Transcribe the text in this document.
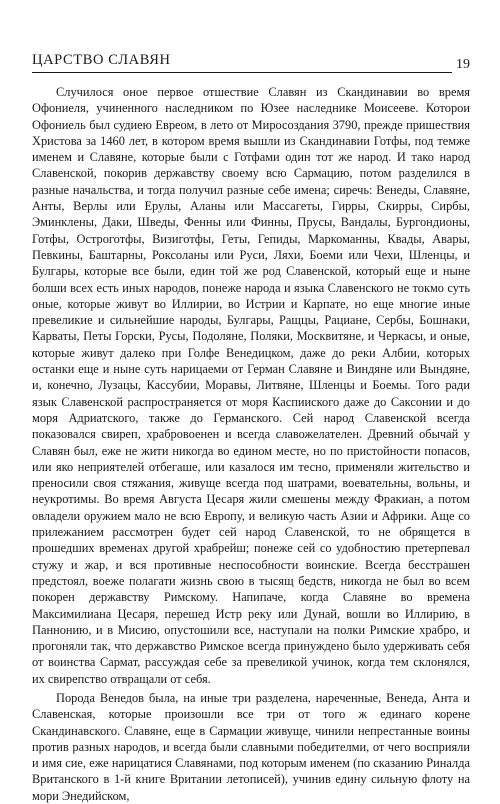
ЦАРСТВО СЛАВЯН	19

Случилося оное первое отшествие Славян из Скандинавии во время Офониеля, учиненного наследником по Юзее наследнике Моисееве. Которои Офониель был судиею Евреом, в лето от Миросоздания 3790, прежде пришествия Христова за 1460 лет, в котором время вышли из Скандинавии Готфы, под темже именем и Славяне, которые были с Готфами один тот же народ. И тако народ Славенской, покорив державству своему всю Сармацию, потом разделился в разные начальства, и тогда получил разные себе имена; сиречь: Венеды, Славяне, Анты, Верлы или Ерулы, Аланы или Массагеты, Гирры, Скирры, Сирбы, Эминклены, Даки, Шведы, Фенны или Финны, Прусы, Вандалы, Бургондионы, Готфы, Остроготфы, Визиготфы, Геты, Гепиды, Маркоманны, Квады, Авары, Певкины, Баштарны, Роксоланы или Руси, Ляхи, Боеми или Чехи, Шленцы, и Булгары, которые все были, един той же род Славенской, который еще и ныне болши всех есть иных народов, понеже народа и языка Славенского не токмо суть оные, которые живут во Иллирии, во Истрии и Карпате, но еще многие иные превеликие и сильнейшие народы, Булгары, Ращцы, Рациане, Сербы, Бошнаки, Карваты, Петы Горски, Русы, Подоляне, Поляки, Москвитяне, и Черкасы, и оные, которые живут далеко при Голфе Венедицком, даже до реки Албии, которых останки еще и ныне суть нарицаеми от Герман Славяне и Виндяне или Вындяне, и, конечно, Лузацы, Кассубии, Моравы, Литвяне, Шленцы и Боемы. Того ради язык Славенской распространяется от моря Каспииского даже до Саксонии и до моря Адриатского, также до Германского. Сей народ Славенской всегда показовался свиреп, храбровоенен и всегда славожелателен. Древний обычай у Славян был, еже не жити никогда во едином месте, но по пристойности попасов, или яко неприятелей отбегаше, или казалося им тесно, применяли жительство и преносили своя стяжания, живуще всегда под шатрами, воевательны, вольны, и неукротимы. Во время Августа Цесаря жили смешены между Фракиан, а потом овладели оружием мало не всю Европу, и великую часть Азии и Африки. Аще со прилежанием рассмотрен будет сей народ Славенской, то не обрящется в прошедших временах другой храбрейш; понеже сей со удобностию претерпевал стужу и жар, и вся противные неспособности воинские. Всегда бесстрашен предстоял, воеже полагати жизнь свою в тысящ бедств, никогда не был во всем покорен державству Римскому. Напипаче, когда Славяне во времена Максимилиана Цесаря, перешед Истр реку или Дунай, вошли во Иллирию, в Паннонию, и в Мисию, опустошили все, наступали на полки Римские храбро, и прогоняли так, что державство Римское всегда принуждено было удерживать себя от воинства Сармат, рассуждая себе за превеликой учинок, когда тем склонялся, их свирепство отвращали от себя.

Порода Венедов была, на иные три разделена, нареченные, Венеда, Анта и Славенская, которые произошли все три от того ж единаго корене Скандинавского. Славяне, еще в Сармации живуще, чинили непрестанные воины против разных народов, и всегда были славными победителми, от чего восприяли и имя сие, еже нарицатися Славянами, под которым именем (по сказанию Риналда Вританского в 1-й книге Вритании летописей), учинив едину сильную флоту на мори Энедийском,
